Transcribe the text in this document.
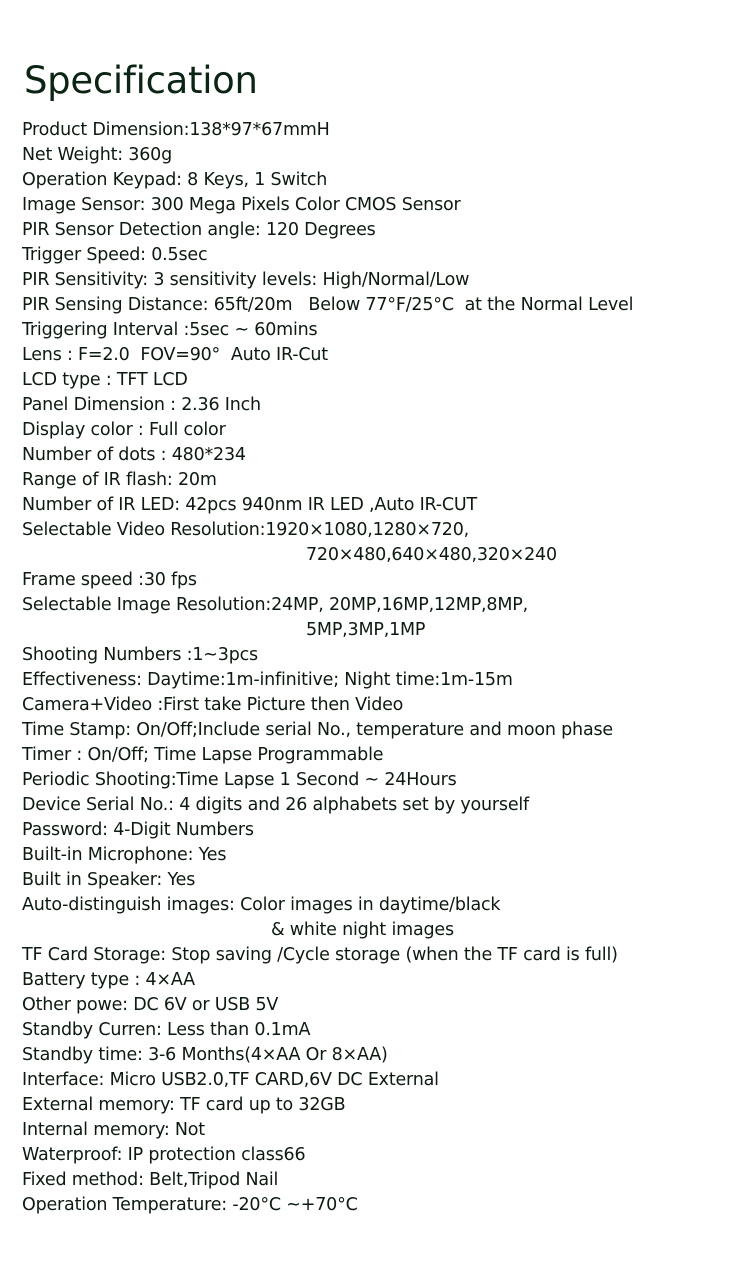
Specification
Product Dimension:138*97*67mmH
Net Weight: 360g
Operation Keypad: 8 Keys, 1 Switch
Image Sensor: 300 Mega Pixels Color CMOS Sensor
PIR Sensor Detection angle: 120 Degrees
Trigger Speed: 0.5sec
PIR Sensitivity: 3 sensitivity levels: High/Normal/Low
PIR Sensing Distance: 65ft/20m   Below 77°F/25°C  at the Normal Level
Triggering Interval :5sec ~ 60mins
Lens : F=2.0  FOV=90°  Auto IR-Cut
LCD type : TFT LCD
Panel Dimension : 2.36 Inch
Display color : Full color
Number of dots : 480*234
Range of IR flash: 20m
Number of IR LED: 42pcs 940nm IR LED ,Auto IR-CUT
Selectable Video Resolution:1920×1080,1280×720,
720×480,640×480,320×240
Frame speed :30 fps
Selectable Image Resolution:24MP, 20MP,16MP,12MP,8MP,
5MP,3MP,1MP
Shooting Numbers :1~3pcs
Effectiveness: Daytime:1m-infinitive; Night time:1m-15m
Camera+Video :First take Picture then Video
Time Stamp: On/Off;Include serial No., temperature and moon phase
Timer : On/Off; Time Lapse Programmable
Periodic Shooting:Time Lapse 1 Second ~ 24Hours
Device Serial No.: 4 digits and 26 alphabets set by yourself
Password: 4-Digit Numbers
Built-in Microphone: Yes
Built in Speaker: Yes
Auto-distinguish images: Color images in daytime/black
& white night images
TF Card Storage: Stop saving /Cycle storage (when the TF card is full)
Battery type : 4×AA
Other powe: DC 6V or USB 5V
Standby Curren: Less than 0.1mA
Standby time: 3-6 Months(4×AA Or 8×AA)
Interface: Micro USB2.0,TF CARD,6V DC External
External memory: TF card up to 32GB
Internal memory: Not
Waterproof: IP protection class66
Fixed method: Belt,Tripod Nail
Operation Temperature: -20°C ~+70°C
